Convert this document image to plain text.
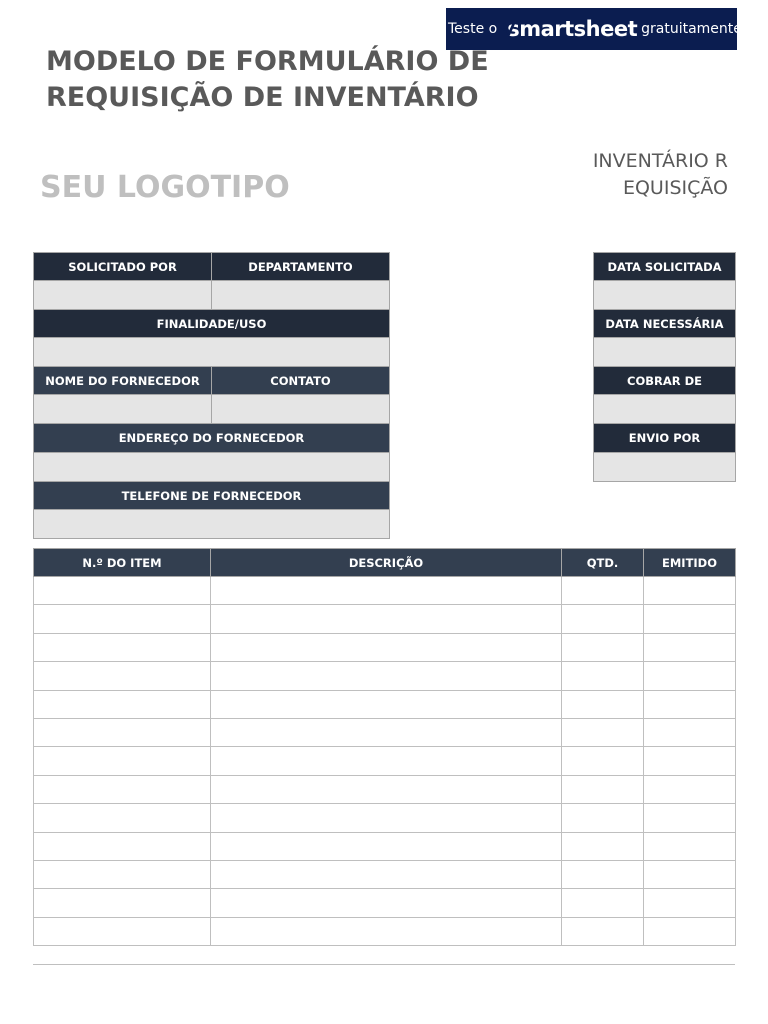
Teste o smartsheet gratuitamente
MODELO DE FORMULÁRIO DE REQUISIÇÃO DE INVENTÁRIO
SEU LOGOTIPO
INVENTÁRIO REQUISIÇÃO
SOLICITADO POR	DEPARTAMENTO

FINALIDADE/USO	

NOME DO FORNECEDOR	CONTATO

ENDEREÇO DO FORNECEDOR	

TELEFONE DE FORNECEDOR	

DATA SOLICITADA

DATA NECESSÁRIA

COBRAR DE

ENVIO POR

N.º DO ITEM	DESCRIÇÃO	QTD.	EMITIDO
